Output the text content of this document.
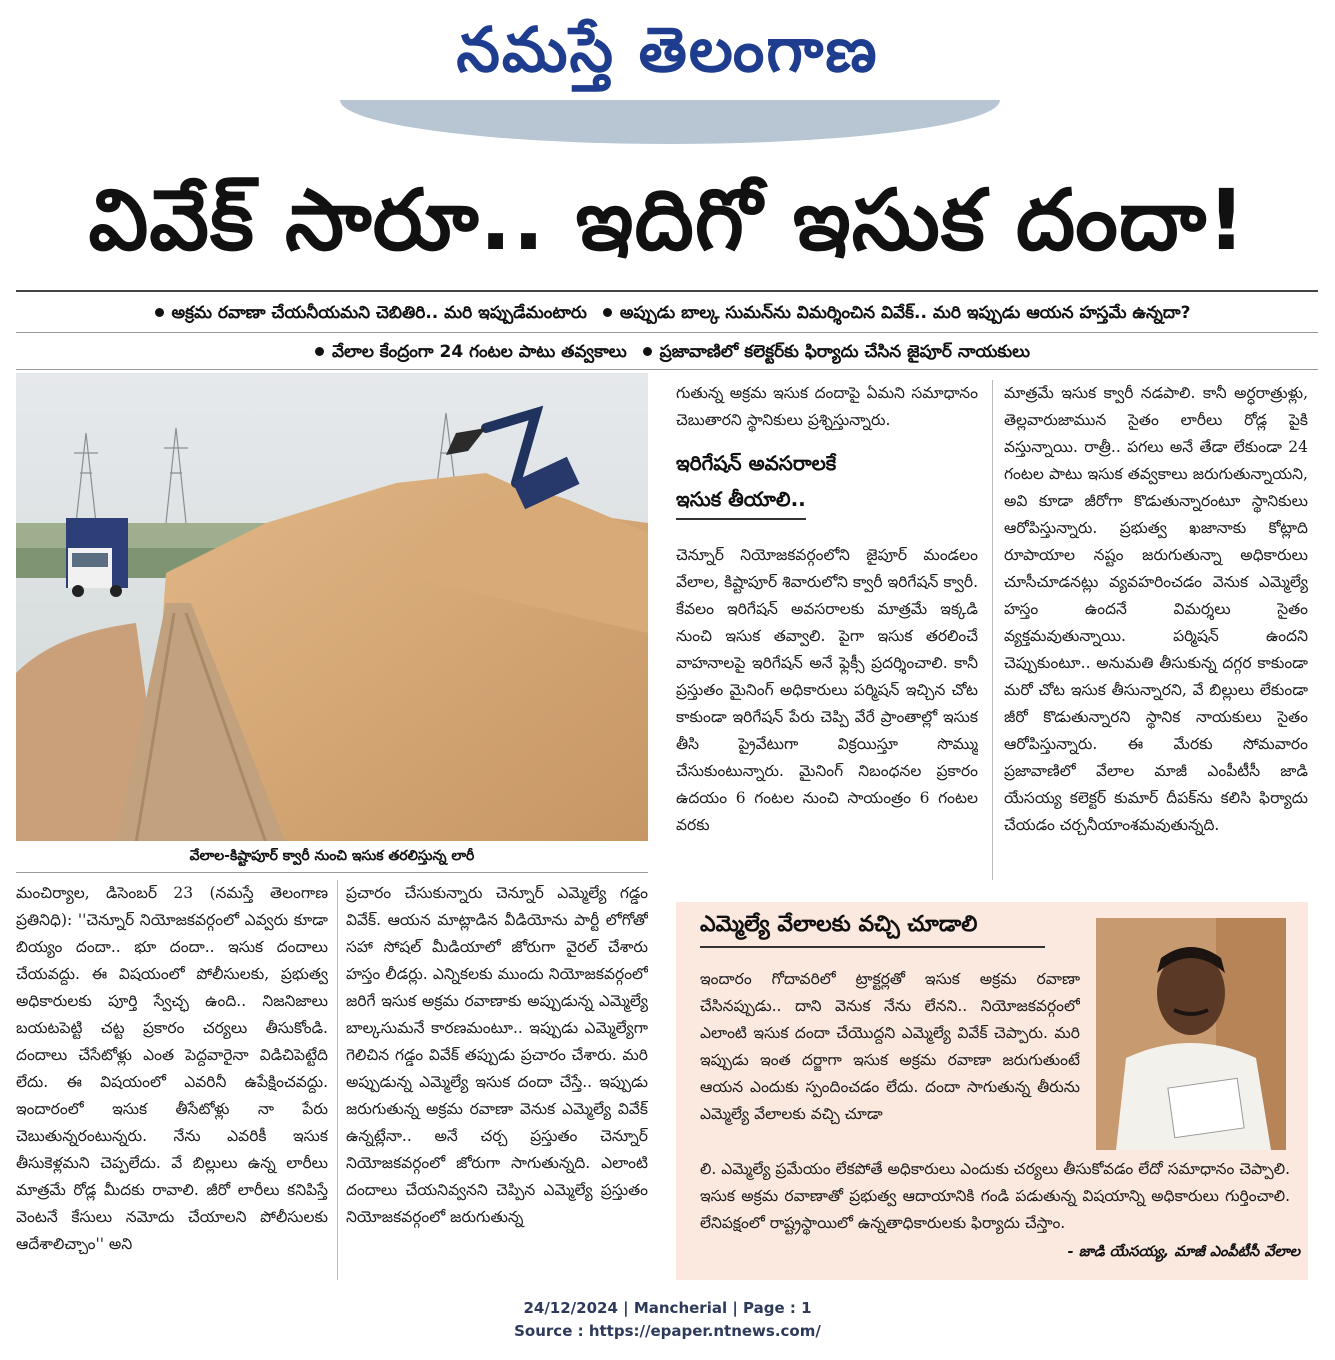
నమస్తే తెలంగాణ
వివేక్ సారూ.. ఇదిగో ఇసుక దందా!
అక్రమ రవాణా చేయనీయమని చెబితిరి.. మరి ఇప్పుడేమంటారు అప్పుడు బాల్క సుమన్‌ను విమర్శించిన వివేక్.. మరి ఇప్పుడు ఆయన హస్తమే ఉన్నదా?
వేలాల కేంద్రంగా 24 గంటల పాటు తవ్వకాలు ప్రజావాణిలో కలెక్టర్‌కు ఫిర్యాదు చేసిన జైపూర్ నాయకులు
వేలాల-కిష్టాపూర్ క్వారీ నుంచి ఇసుక తరలిస్తున్న లారీ

మంచిర్యాల, డిసెంబర్ 23 (నమస్తే తెలంగాణ ప్రతినిధి): ''చెన్నూర్ నియోజకవర్గంలో ఎవ్వరు కూడా బియ్యం దందా.. భూ దందా.. ఇసుక దందాలు చేయవద్దు. ఈ విషయంలో పోలీసులకు, ప్రభుత్వ అధికారులకు పూర్తి స్వేచ్ఛ ఉంది.. నిజనిజాలు బయటపెట్టి చట్ట ప్రకారం చర్యలు తీసుకోండి. దందాలు చేసేటోళ్లు ఎంత పెద్దవారైనా విడిచిపెట్టేది లేదు. ఈ విషయంలో ఎవరినీ ఉపేక్షించవద్దు. ఇందారంలో ఇసుక తీసేటోళ్లు నా పేరు చెబుతున్నరంటున్నరు. నేను ఎవరికీ ఇసుక తీసుకెళ్లమని చెప్పలేదు. వే బిల్లులు ఉన్న లారీలు మాత్రమే రోడ్ల మీదకు రావాలి. జీరో లారీలు కనిపిస్తే వెంటనే కేసులు నమోదు చేయాలని పోలీసులకు ఆదేశాలిచ్చాం'' అని

ప్రచారం చేసుకున్నారు చెన్నూర్ ఎమ్మెల్యే గడ్డం వివేక్. ఆయన మాట్లాడిన వీడియోను పార్టీ లోగోతో సహా సోషల్ మీడియాలో జోరుగా వైరల్ చేశారు హస్తం లీడర్లు. ఎన్నికలకు ముందు నియోజకవర్గంలో జరిగే ఇసుక అక్రమ రవాణాకు అప్పుడున్న ఎమ్మెల్యే బాల్కసుమనే కారణమంటూ.. ఇప్పుడు ఎమ్మెల్యేగా గెలిచిన గడ్డం వివేక్ తప్పుడు ప్రచారం చేశారు. మరి అప్పుడున్న ఎమ్మెల్యే ఇసుక దందా చేస్తే.. ఇప్పుడు జరుగుతున్న అక్రమ రవాణా వెనుక ఎమ్మెల్యే వివేక్ ఉన్నట్లేనా.. అనే చర్చ ప్రస్తుతం చెన్నూర్ నియోజకవర్గంలో జోరుగా సాగుతున్నది. ఎలాంటి దందాలు చేయనివ్వనని చెప్పిన ఎమ్మెల్యే ప్రస్తుతం నియోజకవర్గంలో జరుగుతున్న

గుతున్న అక్రమ ఇసుక దందాపై ఏమని సమాధానం చెబుతారని స్థానికులు ప్రశ్నిస్తున్నారు.

ఇరిగేషన్ అవసరాలకే
ఇసుక తీయాలి..

చెన్నూర్ నియోజకవర్గంలోని జైపూర్ మండలం వేలాల, కిష్టాపూర్ శివారులోని క్వారీ ఇరిగేషన్ క్వారీ. కేవలం ఇరిగేషన్ అవసరాలకు మాత్రమే ఇక్కడి నుంచి ఇసుక తవ్వాలి. పైగా ఇసుక తరలించే వాహనాలపై ఇరిగేషన్ అనే ఫ్లెక్సీ ప్రదర్శించాలి. కానీ ప్రస్తుతం మైనింగ్ అధికారులు పర్మిషన్ ఇచ్చిన చోట కాకుండా ఇరిగేషన్ పేరు చెప్పి వేరే ప్రాంతాల్లో ఇసుక తీసి ప్రైవేటుగా విక్రయిస్తూ సొమ్ము చేసుకుంటున్నారు. మైనింగ్ నిబంధనల ప్రకారం ఉదయం 6 గంటల నుంచి సాయంత్రం 6 గంటల వరకు

మాత్రమే ఇసుక క్వారీ నడపాలి. కానీ అర్ధరాత్రుళ్లు, తెల్లవారుజామున సైతం లారీలు రోడ్ల పైకి వస్తున్నాయి. రాత్రీ.. పగలు అనే తేడా లేకుండా 24 గంటల పాటు ఇసుక తవ్వకాలు జరుగుతున్నాయని, అవి కూడా జీరోగా కొడుతున్నారంటూ స్థానికులు ఆరోపిస్తున్నారు. ప్రభుత్వ ఖజానాకు కోట్లాది రూపాయాల నష్టం జరుగుతున్నా అధికారులు చూసీచూడనట్లు వ్యవహరించడం వెనుక ఎమ్మెల్యే హస్తం ఉందనే విమర్శలు సైతం వ్యక్తమవుతున్నాయి. పర్మిషన్ ఉందని చెప్పుకుంటూ.. అనుమతి తీసుకున్న దగ్గర కాకుండా మరో చోట ఇసుక తీసున్నారని, వే బిల్లులు లేకుండా జీరో కొడుతున్నారని స్థానిక నాయకులు సైతం ఆరోపిస్తున్నారు. ఈ మేరకు సోమవారం ప్రజావాణిలో వేలాల మాజీ ఎంపీటీసీ జాడి యేసయ్య కలెక్టర్ కుమార్ దీపక్‌ను కలిసి ఫిర్యాదు చేయడం చర్చనీయాంశమవుతున్నది.

ఎమ్మెల్యే వేలాలకు వచ్చి చూడాలి
ఇందారం గోదావరిలో ట్రాక్టర్లతో ఇసుక అక్రమ రవాణా చేసినప్పుడు.. దాని వెనుక నేను లేనని.. నియోజకవర్గంలో ఎలాంటి ఇసుక దందా చేయొద్దని ఎమ్మెల్యే వివేక్ చెప్పారు. మరి ఇప్పుడు ఇంత దర్జాగా ఇసుక అక్రమ రవాణా జరుగుతుంటే ఆయన ఎందుకు స్పందించడం లేదు. దందా సాగుతున్న తీరును ఎమ్మెల్యే వేలాలకు వచ్చి చూడా
లి. ఎమ్మెల్యే ప్రమేయం లేకపోతే అధికారులు ఎందుకు చర్యలు తీసుకోవడం లేదో సమాధానం చెప్పాలి. ఇసుక అక్రమ రవాణాతో ప్రభుత్వ ఆదాయానికి గండి పడుతున్న విషయాన్ని అధికారులు గుర్తించాలి. లేనిపక్షంలో రాష్ట్రస్థాయిలో ఉన్నతాధికారులకు ఫిర్యాదు చేస్తాం.
- జాడి యేసయ్య, మాజీ ఎంపీటీసీ వేలాల
24/12/2024 | Mancherial | Page : 1
Source : https://epaper.ntnews.com/
